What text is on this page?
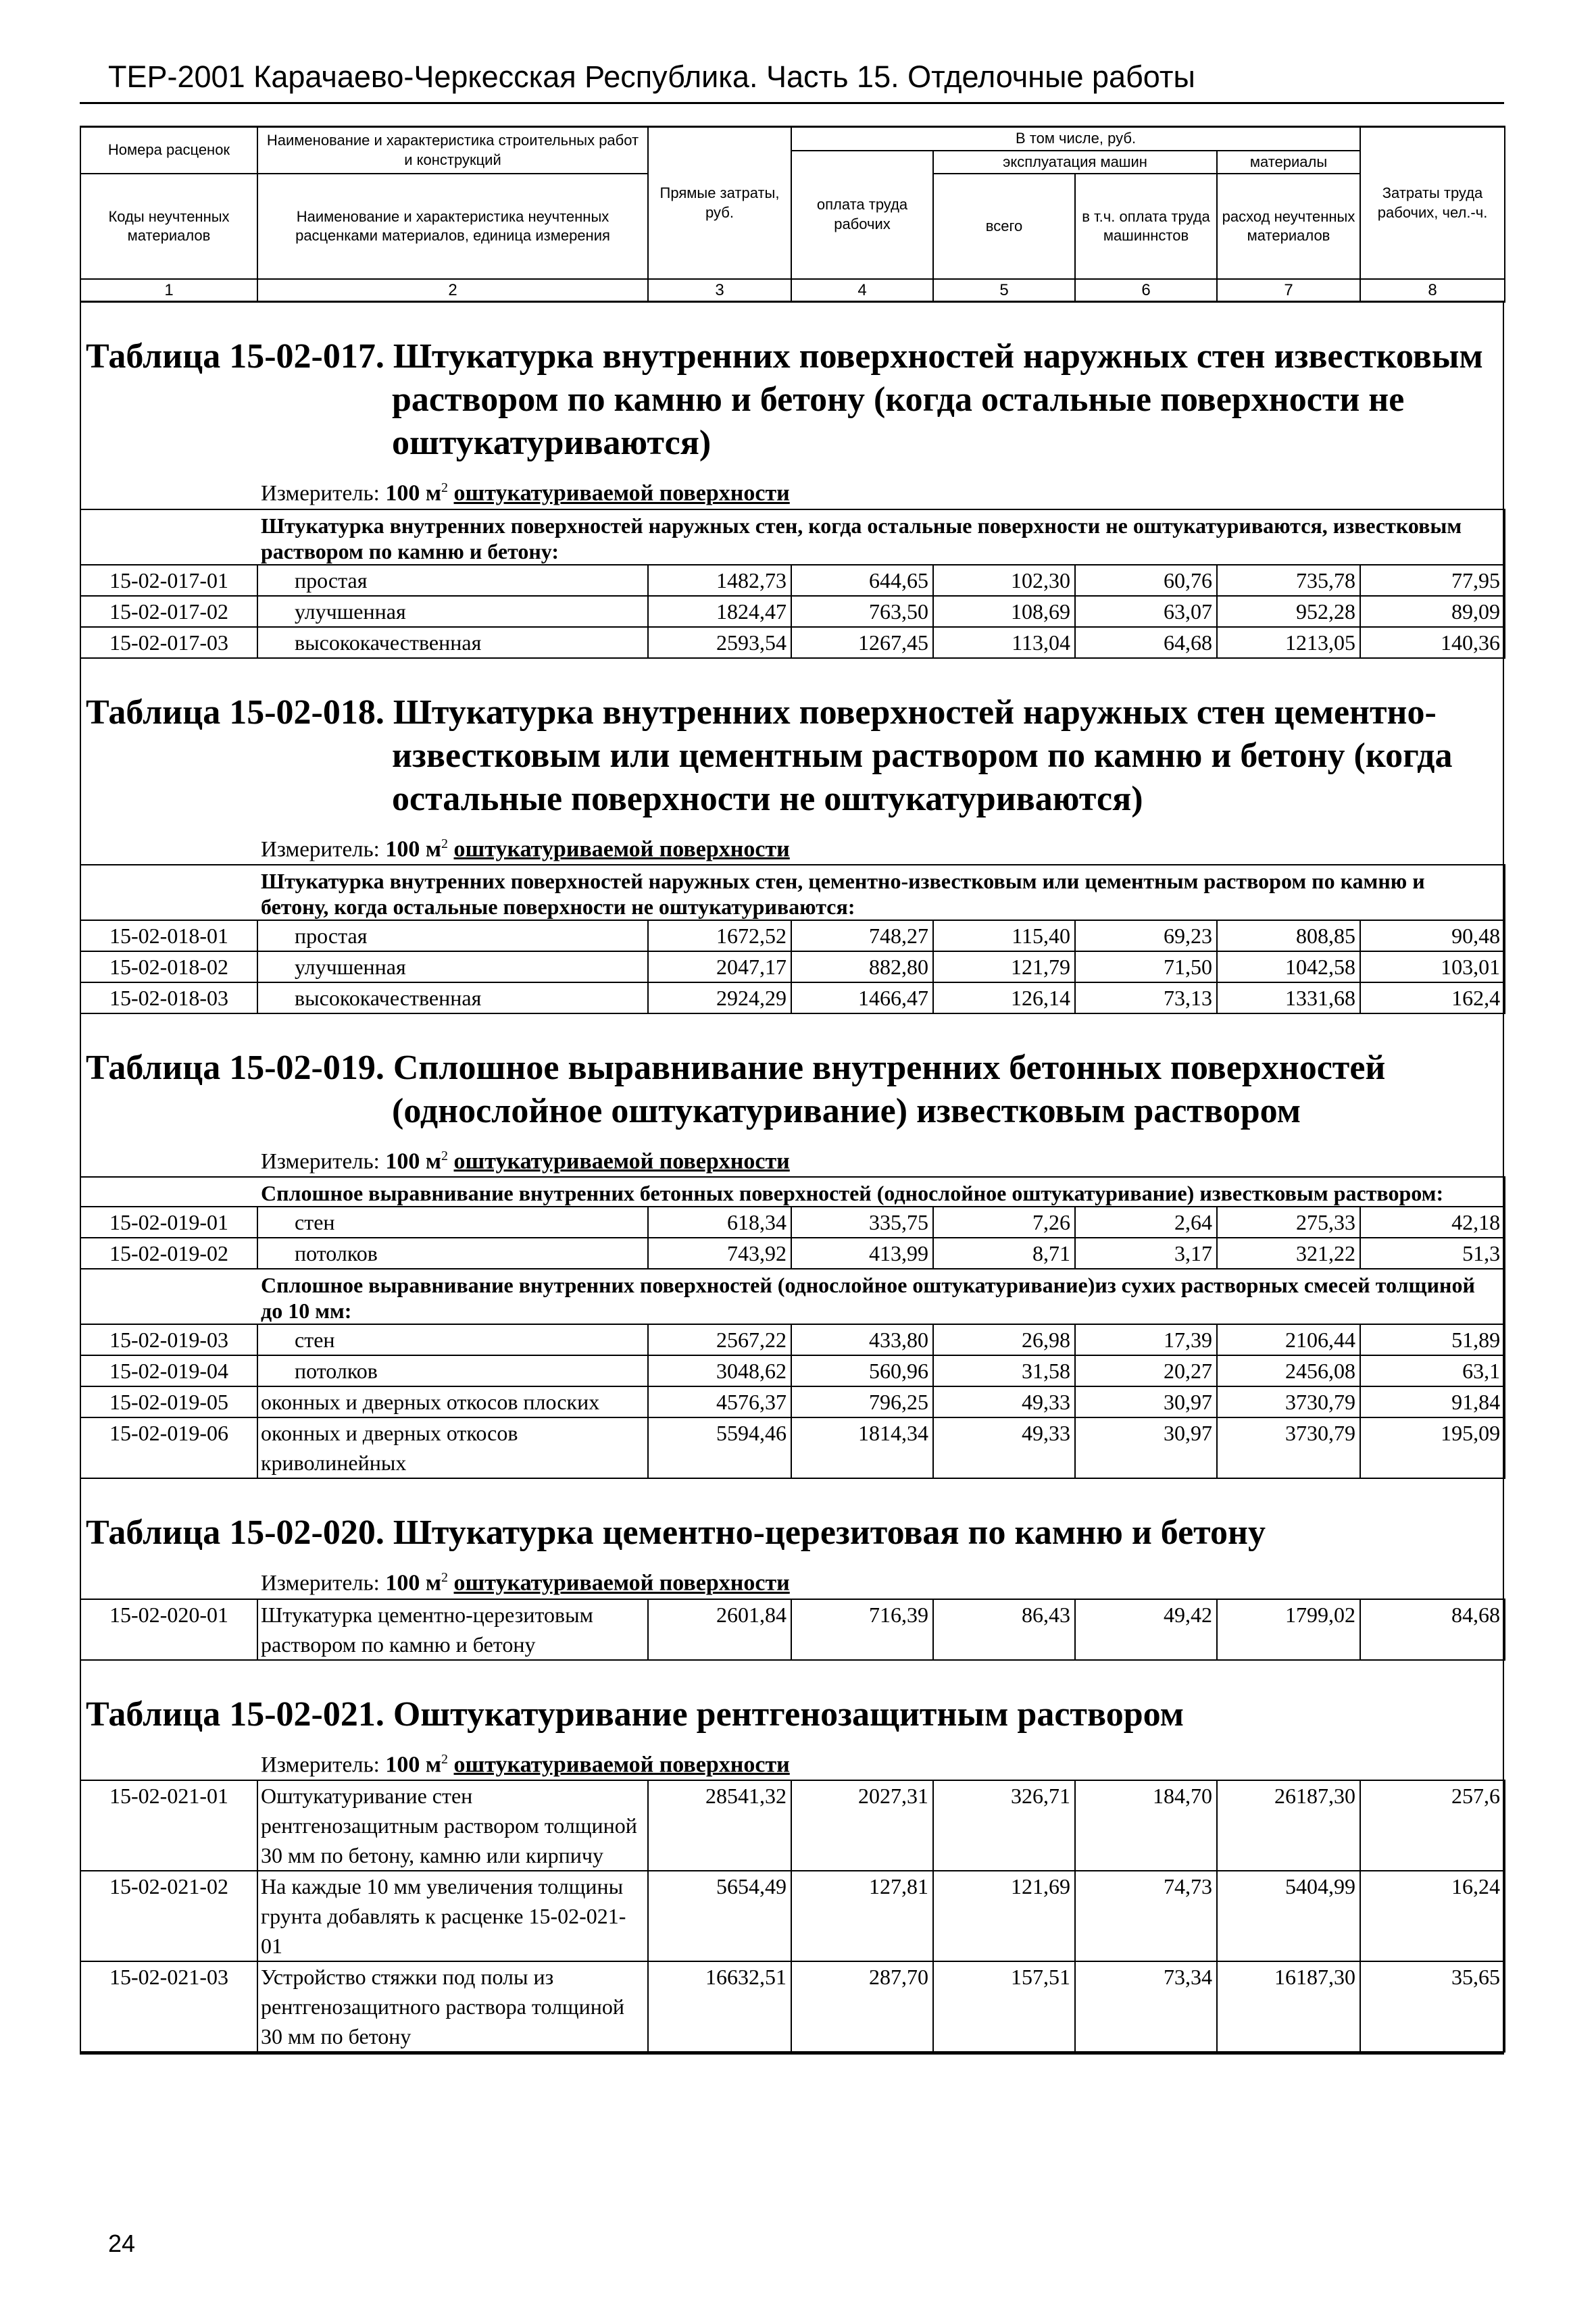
ТЕР-2001 Карачаево-Черкесская Республика. Часть 15. Отделочные работы
Номера расценок	Наименование и характеристика строительных работ и конструкций	Прямые затраты, руб.	В том числе, руб.				Затраты труда рабочих, чел.-ч.
			оплата труда рабочих	эксплуатация машин		материалы	
Коды неучтенных материалов	Наименование и характеристика неучтенных расценками материалов, единица измерения			всего	в т.ч. оплата труда машиннстов	расход неучтенных материалов	

1	2	3	4	5	6	7	8
Таблица 15-02-017. Штукатурка внутренних поверхностей наружных стен известковым раствором по камню и бетону (когда остальные поверхности не оштукатуриваются)
Измеритель: 100 $м^2$ оштукатуриваемой поверхности
Штукатурка внутренних поверхностей наружных стен, когда остальные поверхности не оштукатуриваются, известковым раствором по камню и бетону:							
15-02-017-01	простая	1482,73	644,65	102,30	60,76	735,78	77,95
15-02-017-02	улучшенная	1824,47	763,50	108,69	63,07	952,28	89,09
15-02-017-03	высококачественная	2593,54	1267,45	113,04	64,68	1213,05	140,36
Таблица 15-02-018. Штукатурка внутренних поверхностей наружных стен цементно-известковым или цементным раствором по камню и бетону (когда остальные поверхности не оштукатуриваются)
Измеритель: 100 $м^2$ оштукатуриваемой поверхности
Штукатурка внутренних поверхностей наружных стен, цементно-известковым или цементным раствором по камню и бетону, когда остальные поверхности не оштукатуриваются:							
15-02-018-01	простая	1672,52	748,27	115,40	69,23	808,85	90,48
15-02-018-02	улучшенная	2047,17	882,80	121,79	71,50	1042,58	103,01
15-02-018-03	высококачественная	2924,29	1466,47	126,14	73,13	1331,68	162,4
Таблица 15-02-019. Сплошное выравнивание внутренних бетонных поверхностей (однослойное оштукатуривание) известковым раствором
Измеритель: 100 $м^2$ оштукатуриваемой поверхности
Сплошное выравнивание внутренних бетонных поверхностей (однослойное оштукатуривание) известковым раствором:							
15-02-019-01	стен	618,34	335,75	7,26	2,64	275,33	42,18
15-02-019-02	потолков	743,92	413,99	8,71	3,17	321,22	51,3
Сплошное выравнивание внутренних поверхностей (однослойное оштукатуривание)из сухих растворных смесей толщиной до 10 мм:							
15-02-019-03	стен	2567,22	433,80	26,98	17,39	2106,44	51,89
15-02-019-04	потолков	3048,62	560,96	31,58	20,27	2456,08	63,1
15-02-019-05	оконных и дверных откосов плоских	4576,37	796,25	49,33	30,97	3730,79	91,84
15-02-019-06	оконных и дверных откосов криволинейных	5594,46	1814,34	49,33	30,97	3730,79	195,09
Таблица 15-02-020. Штукатурка цементно-церезитовая по камню и бетону
Измеритель: 100 $м^2$ оштукатуриваемой поверхности
15-02-020-01	Штукатурка цементно-церезитовым раствором по камню и бетону	2601,84	716,39	86,43	49,42	1799,02	84,68
Таблица 15-02-021. Оштукатуривание рентгенозащитным раствором
Измеритель: 100 $м^2$ оштукатуриваемой поверхности
15-02-021-01	Оштукатуривание стен рентгенозащитным раствором толщиной 30 мм по бетону, камню или кирпичу	28541,32	2027,31	326,71	184,70	26187,30	257,6
15-02-021-02	На каждые 10 мм увеличения толщины грунта добавлять к расценке 15-02-021-01	5654,49	127,81	121,69	74,73	5404,99	16,24
15-02-021-03	Устройство стяжки под полы из рентгенозащитного раствора толщиной 30 мм по бетону	16632,51	287,70	157,51	73,34	16187,30	35,65
24
